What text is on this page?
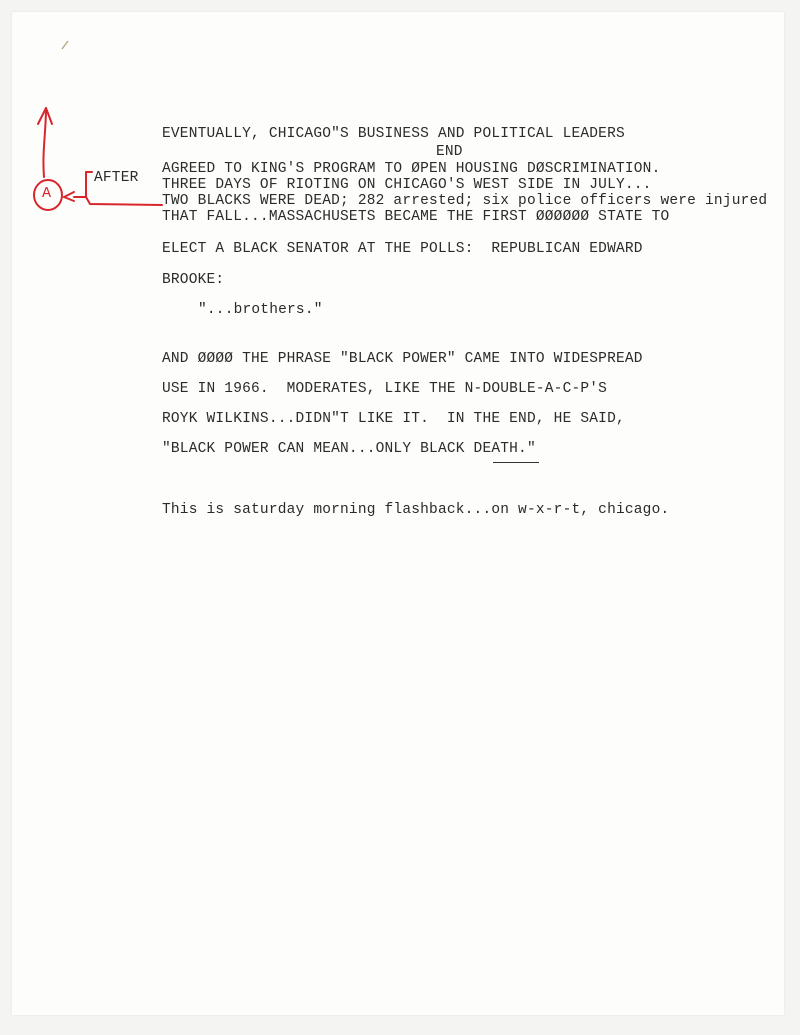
A
AFTER
EVENTUALLY, CHICAGO"S BUSINESS AND POLITICAL LEADERS
END
AGREED TO KING'S PROGRAM TO ØPEN HOUSING DØSCRIMINATION.
THREE DAYS OF RIOTING ON CHICAGO'S WEST SIDE IN JULY...
TWO BLACKS WERE DEAD; 282 arrested; six police officers were injured
THAT FALL...MASSACHUSETS BECAME THE FIRST ØØØØØØ STATE TO
ELECT A BLACK SENATOR AT THE POLLS:  REPUBLICAN EDWARD
BROOKE:
"...brothers."
AND ØØØØ THE PHRASE "BLACK POWER" CAME INTO WIDESPREAD
USE IN 1966.  MODERATES, LIKE THE N-DOUBLE-A-C-P'S
ROYK WILKINS...DIDN"T LIKE IT.  IN THE END, HE SAID,
"BLACK POWER CAN MEAN...ONLY BLACK DEATH."
This is saturday morning flashback...on w-x-r-t, chicago.
